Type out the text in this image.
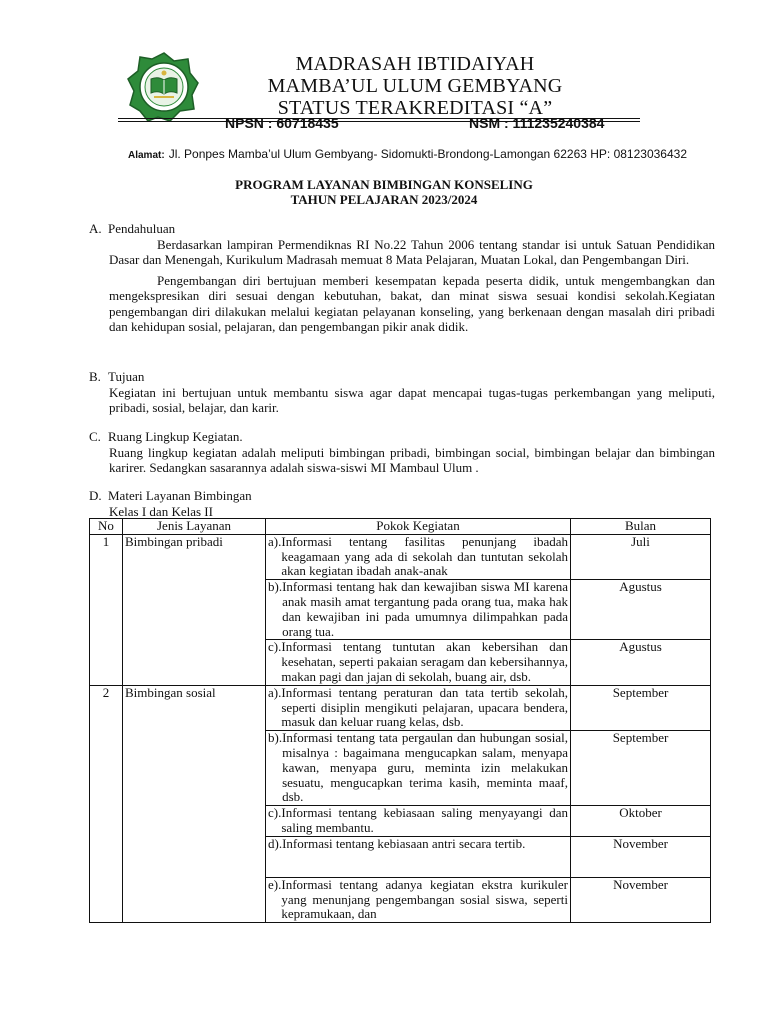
MADRASAH IBTIDAIYAH
MAMBA’UL ULUM GEMBYANG
STATUS TERAKREDITASI “A”
NPSN : 60718435	NSM : 111235240384
Alamat: Jl. Ponpes Mamba’ul Ulum Gembyang- Sidomukti-Brondong-Lamongan 62263 HP: 08123036432
PROGRAM LAYANAN BIMBINGAN KONSELING
TAHUN PELAJARAN 2023/2024
A. Pendahuluan

Berdasarkan lampiran Permendiknas RI No.22 Tahun 2006 tentang standar isi untuk Satuan Pendidikan Dasar dan Menengah, Kurikulum Madrasah memuat 8 Mata Pelajaran, Muatan Lokal, dan Pengembangan Diri.

Pengembangan diri bertujuan memberi kesempatan kepada peserta didik, untuk mengembangkan dan mengekspresikan diri sesuai dengan kebutuhan, bakat, dan minat siswa sesuai kondisi sekolah.Kegiatan pengembangan diri dilakukan melalui kegiatan pelayanan konseling, yang berkenaan dengan masalah diri pribadi dan kehidupan sosial, pelajaran, dan pengembangan pikir anak didik.

B. Tujuan

Kegiatan ini bertujuan untuk membantu siswa agar dapat mencapai tugas-tugas perkembangan yang meliputi, pribadi, sosial, belajar, dan karir.

C. Ruang Lingkup Kegiatan.

Ruang lingkup kegiatan adalah meliputi bimbingan pribadi, bimbingan social, bimbingan belajar dan bimbingan karirer. Sedangkan sasarannya adalah siswa-siswi MI Mambaul Ulum .

D. Materi Layanan Bimbingan
Kelas I dan Kelas II
No	Jenis Layanan	Pokok Kegiatan	Bulan
1	Bimbingan pribadi	a). Informasi tentang fasilitas penunjang ibadah keagamaan yang ada di sekolah dan tuntutan sekolah akan kegiatan ibadah anak-anak	Juli

		b). Informasi tentang hak dan kewajiban siswa MI karena anak masih amat tergantung pada orang tua, maka hak dan kewajiban ini pada umumnya dilimpahkan pada orang tua.	Agustus

		c). Informasi tentang tuntutan akan kebersihan dan kesehatan, seperti pakaian seragam dan kebersihannya, makan pagi dan jajan di sekolah, buang air, dsb.	Agustus
2	Bimbingan sosial	a). Informasi tentang peraturan dan tata tertib sekolah, seperti disiplin mengikuti pelajaran, upacara bendera, masuk dan keluar ruang kelas, dsb.	September

		b). Informasi tentang tata pergaulan dan hubungan sosial, misalnya : bagaimana mengucapkan salam, menyapa kawan, menyapa guru, meminta izin melakukan sesuatu, mengucapkan terima kasih, meminta maaf, dsb.	September

		c). Informasi tentang kebiasaan saling menyayangi dan saling membantu.	Oktober

		d). Informasi tentang kebiasaan antri secara tertib.	November

		e). Informasi tentang adanya kegiatan ekstra kurikuler yang menunjang pengembangan sosial siswa, seperti kepramukaan, dan	November
